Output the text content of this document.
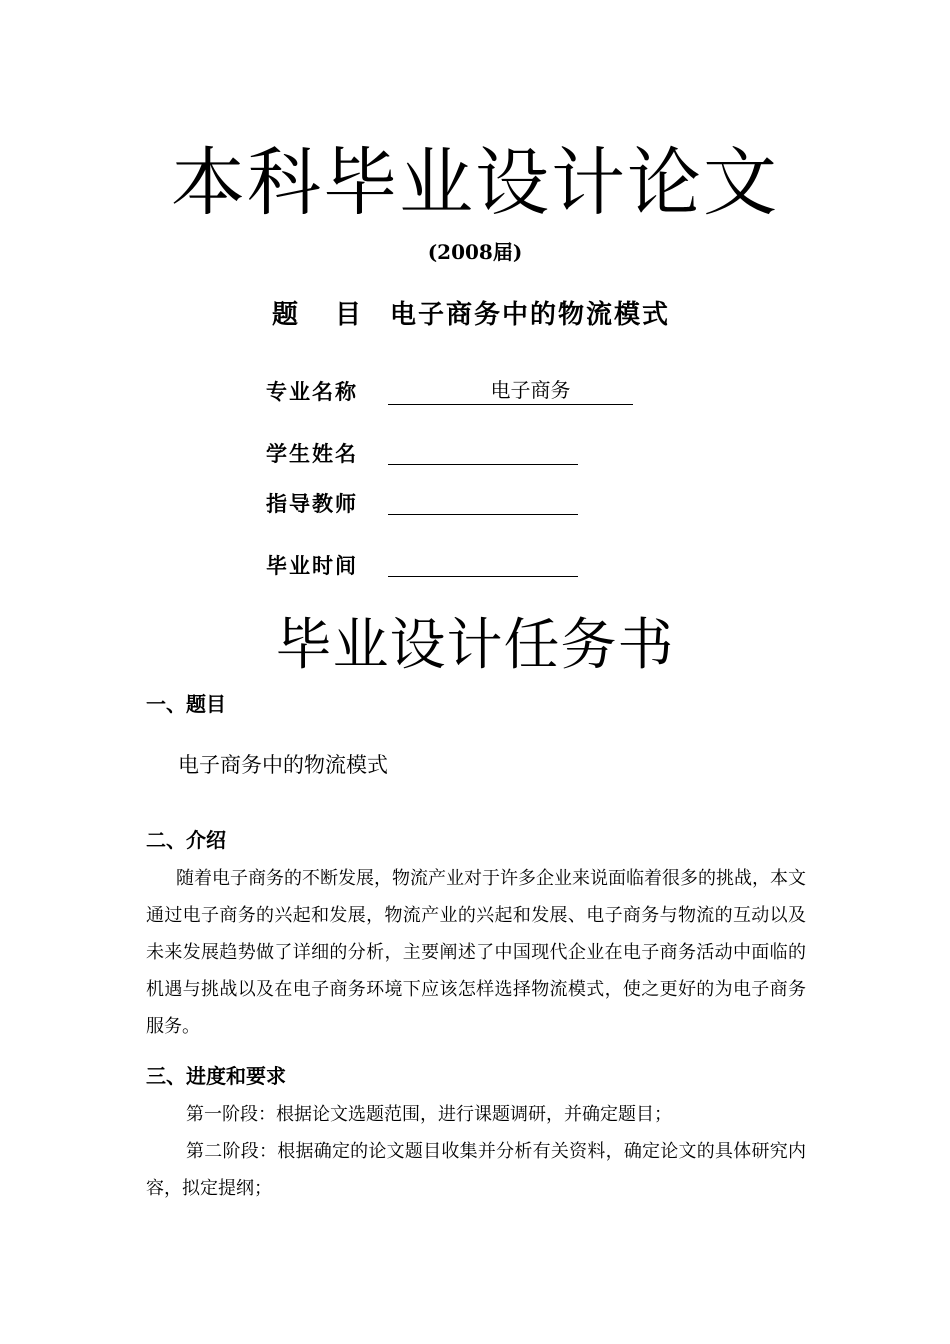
本科毕业设计论文
(2008届)
题 目 电子商务中的物流模式
专业名称	电子商务
学生姓名
指导教师
毕业时间
毕业设计任务书
一、题目
电子商务中的物流模式
二、介绍

随着电子商务的不断发展，物流产业对于许多企业来说面临着很多的挑战，本文通过电子商务的兴起和发展，物流产业的兴起和发展、电子商务与物流的互动以及未来发展趋势做了详细的分析，主要阐述了中国现代企业在电子商务活动中面临的机遇与挑战以及在电子商务环境下应该怎样选择物流模式，使之更好的为电子商务服务。

三、进度和要求

第一阶段：根据论文选题范围，进行课题调研，并确定题目；

第二阶段：根据确定的论文题目收集并分析有关资料，确定论文的具体研究内容，拟定提纲；
